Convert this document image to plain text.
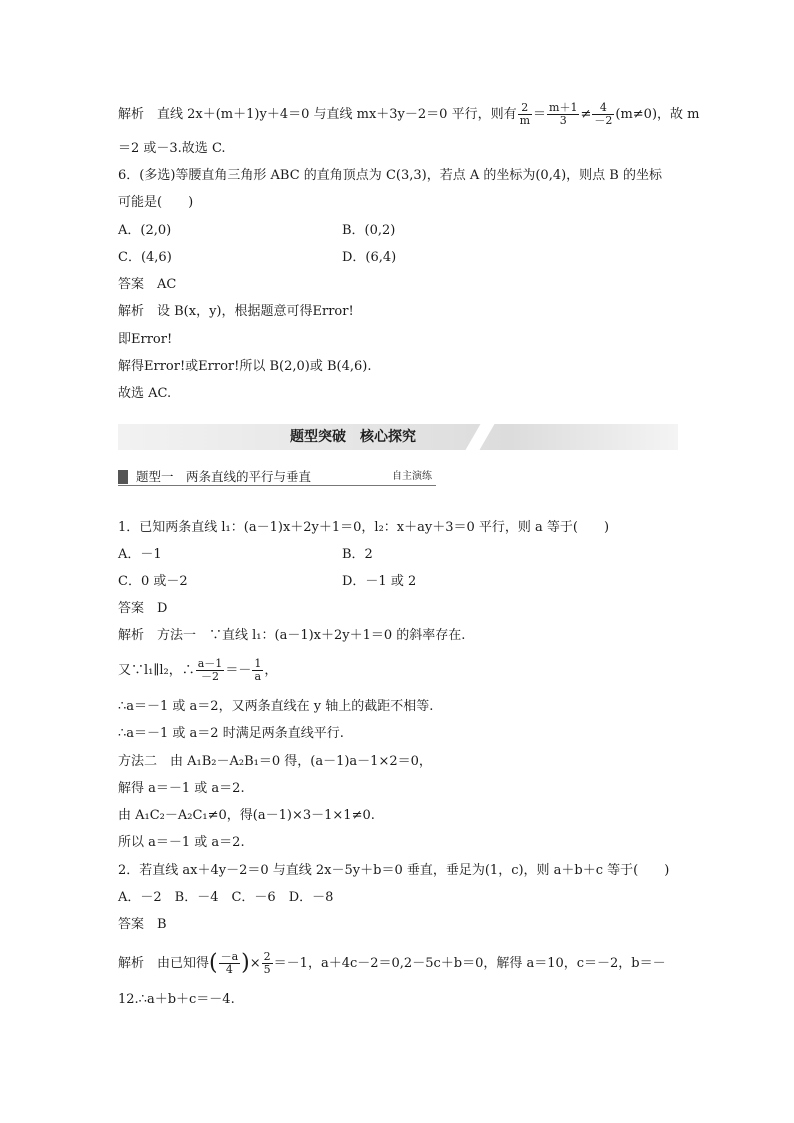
解析　直线 2x＋(m＋1)y＋4＝0 与直线 mx＋3y－2＝0 平行，则有 $\frac{2}{m} = \frac{m+1}{3} \ne \frac{4}{-2} (m\ne 0)$，故 m
＝2 或－3.故选 C.
6．(多选)等腰直角三角形 ABC 的直角顶点为 C(3,3)，若点 A 的坐标为(0,4)，则点 B 的坐标
可能是(　　)
A．(2,0)	B．(0,2)
C．(4,6)	D．(6,4)
答案　AC
解析　设 B(x，y)，根据题意可得Error!
即Error!
解得Error!或Error!所以 B(2,0)或 B(4,6).
故选 AC.
题型突破　核心探究
题型一　两条直线的平行与垂直	自主演练
1．已知两条直线 l₁：(a－1)x＋2y＋1＝0，l₂：x＋ay＋3＝0 平行，则 a 等于(　　)
A．－1	B．2
C．0 或－2	D．－1 或 2
答案　D
解析　方法一　∵直线 l₁：(a－1)x＋2y＋1＝0 的斜率存在.
又∵l₁∥l₂，∴ $\frac{a-1}{-2} =- \frac{1}{a}$ ，
∴a＝－1 或 a＝2，又两条直线在 y 轴上的截距不相等.
∴a＝－1 或 a＝2 时满足两条直线平行.
方法二　由 A₁B₂－A₂B₁＝0 得，(a－1)a－1×2＝0，
解得 a＝－1 或 a＝2.
由 A₁C₂－A₂C₁≠0，得(a－1)×3－1×1≠0.
所以 a＝－1 或 a＝2.
2．若直线 ax＋4y－2＝0 与直线 2x－5y＋b＝0 垂直，垂足为(1，c)，则 a＋b＋c 等于(　　)
A．－2　B．－4　C．－6　D．－8
答案　B
解析　由已知得( $\frac{-a}{4}$ )× $\frac{2}{5} =-1$，a＋4c－2＝0,2－5c＋b＝0，解得 a＝10，c＝－2，b＝－
12.∴a＋b＋c＝－4.
